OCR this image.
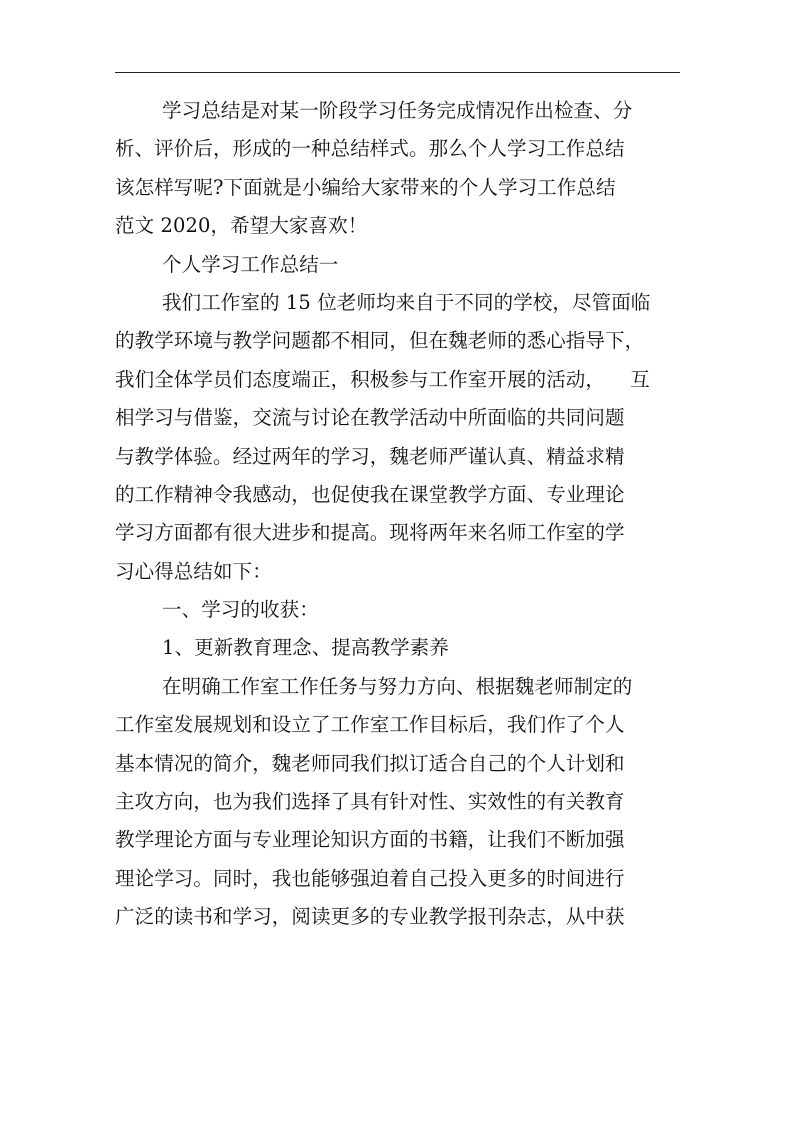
学习总结是对某一阶段学习任务完成情况作出检查、分
析、评价后，形成的一种总结样式。那么个人学习工作总结
该怎样写呢?下面就是小编给大家带来的个人学习工作总结
范文 2020，希望大家喜欢！
个人学习工作总结一
我们工作室的 15 位老师均来自于不同的学校，尽管面临
的教学环境与教学问题都不相同，但在魏老师的悉心指导下，
我们全体学员们态度端正，积极参与工作室开展的活动，    互
相学习与借鉴，交流与讨论在教学活动中所面临的共同问题
与教学体验。经过两年的学习，魏老师严谨认真、精益求精
的工作精神令我感动，也促使我在课堂教学方面、专业理论
学习方面都有很大进步和提高。现将两年来名师工作室的学
习心得总结如下：
一、学习的收获：
1、更新教育理念、提高教学素养
在明确工作室工作任务与努力方向、根据魏老师制定的
工作室发展规划和设立了工作室工作目标后，我们作了个人
基本情况的简介，魏老师同我们拟订适合自己的个人计划和
主攻方向，也为我们选择了具有针对性、实效性的有关教育
教学理论方面与专业理论知识方面的书籍，让我们不断加强
理论学习。同时，我也能够强迫着自己投入更多的时间进行
广泛的读书和学习，阅读更多的专业教学报刊杂志，从中获
